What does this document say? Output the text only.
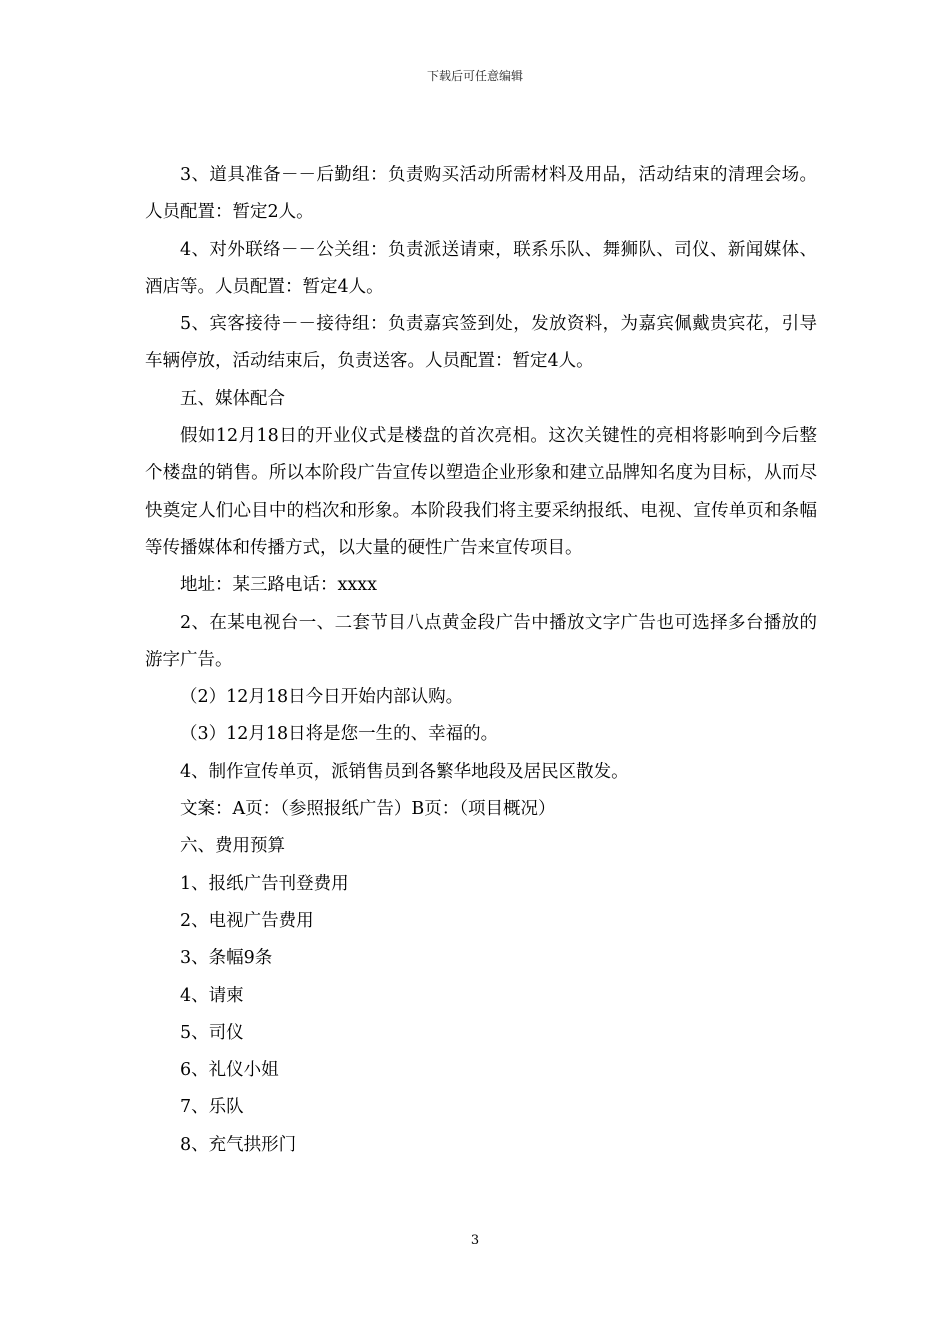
下载后可任意编辑

3、道具准备－－后勤组：负责购买活动所需材料及用品，活动结束的清理会场。人员配置：暂定2人。

4、对外联络－－公关组：负责派送请柬，联系乐队、舞狮队、司仪、新闻媒体、酒店等。人员配置：暂定4人。

5、宾客接待－－接待组：负责嘉宾签到处，发放资料，为嘉宾佩戴贵宾花，引导车辆停放，活动结束后，负责送客。人员配置：暂定4人。

五、媒体配合

假如12月18日的开业仪式是楼盘的首次亮相。这次关键性的亮相将影响到今后整个楼盘的销售。所以本阶段广告宣传以塑造企业形象和建立品牌知名度为目标，从而尽快奠定人们心目中的档次和形象。本阶段我们将主要采纳报纸、电视、宣传单页和条幅等传播媒体和传播方式，以大量的硬性广告来宣传项目。

地址：某三路电话：xxxx

2、在某电视台一、二套节目八点黄金段广告中播放文字广告也可选择多台播放的游字广告。

（2）12月18日今日开始内部认购。

（3）12月18日将是您一生的、幸福的。

4、制作宣传单页，派销售员到各繁华地段及居民区散发。

文案：A页：（参照报纸广告）B页：（项目概况）

六、费用预算

1、报纸广告刊登费用

2、电视广告费用

3、条幅9条

4、请柬

5、司仪

6、礼仪小姐

7、乐队

8、充气拱形门

3
